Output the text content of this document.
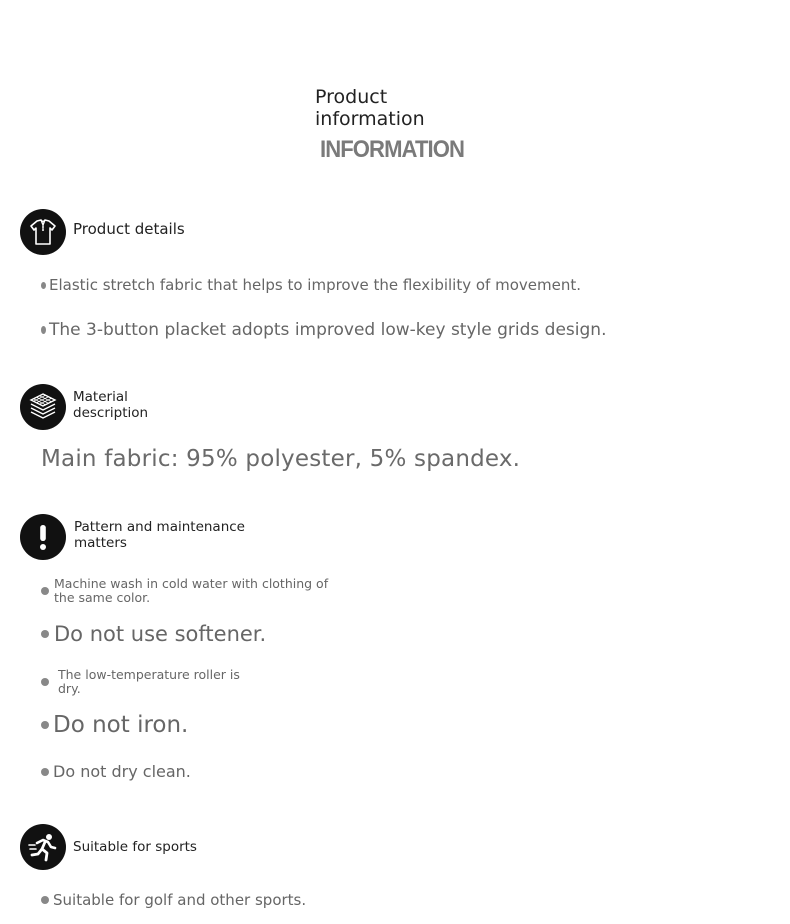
Product
information
INFORMATION
Product details
Elastic stretch fabric that helps to improve the flexibility of movement.
The 3-button placket adopts improved low-key style grids design.
Material
description
Main fabric: 95% polyester, 5% spandex.
Pattern and maintenance
matters
Machine wash in cold water with clothing of the same color.
Do not use softener.
The low-temperature roller is dry.
Do not iron.
Do not dry clean.
Suitable for sports
Suitable for golf and other sports.
